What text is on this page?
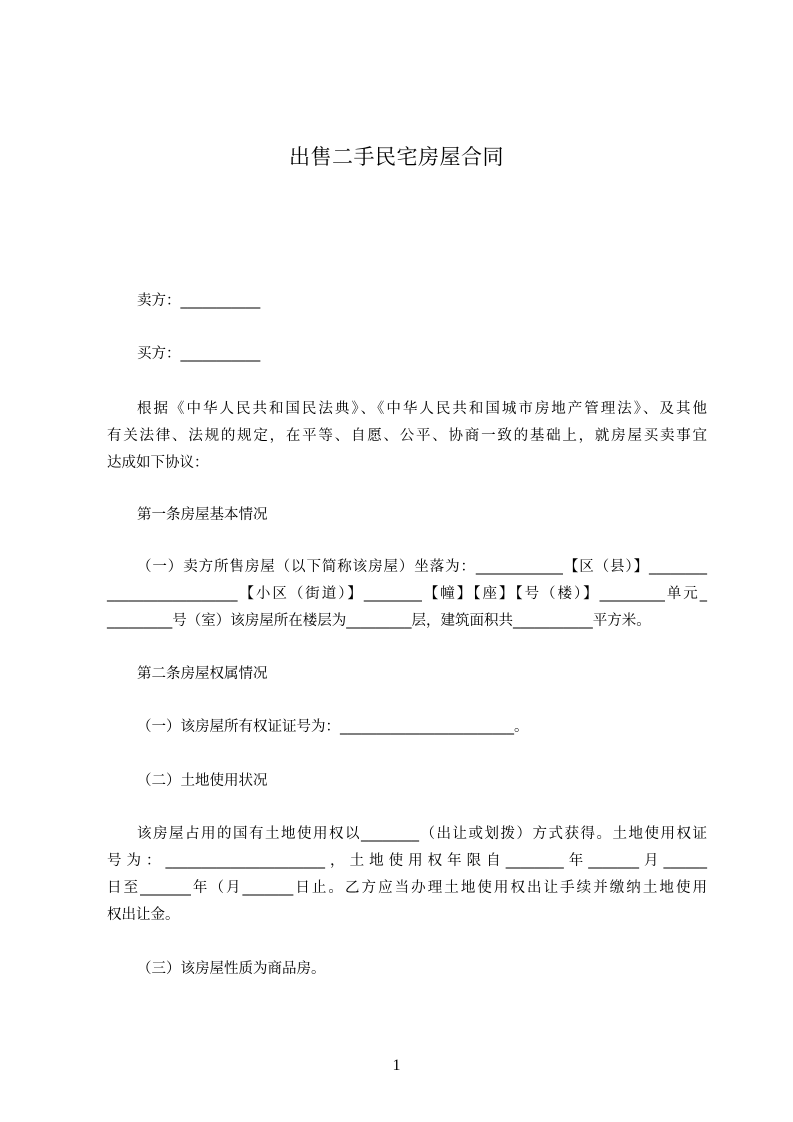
出售二手民宅房屋合同
卖方：___________
买方：___________
根据《中华人民共和国民法典》、《中华人民共和国城市房地产管理法》、及其他
有关法律、法规的规定，在平等、自愿、公平、协商一致的基础上，就房屋买卖事宜
达成如下协议：
第一条房屋基本情况
（一）卖方所售房屋（以下简称该房屋）坐落为：____________【区（县）】________
__________________【小区（街道）】________【幢】【座】【号（楼）】_________单元_
_________号（室）该房屋所在楼层为_________层，建筑面积共___________平方米。
第二条房屋权属情况
（一）该房屋所有权证证号为：________________________。
（二）土地使用状况
该房屋占用的国有土地使用权以________（出让或划拨）方式获得。土地使用权证
号为：______________________，土地使用权年限自________年_______月______
日至_______年（月_______日止。乙方应当办理土地使用权出让手续并缴纳土地使用
权出让金。
（三）该房屋性质为商品房。
1
